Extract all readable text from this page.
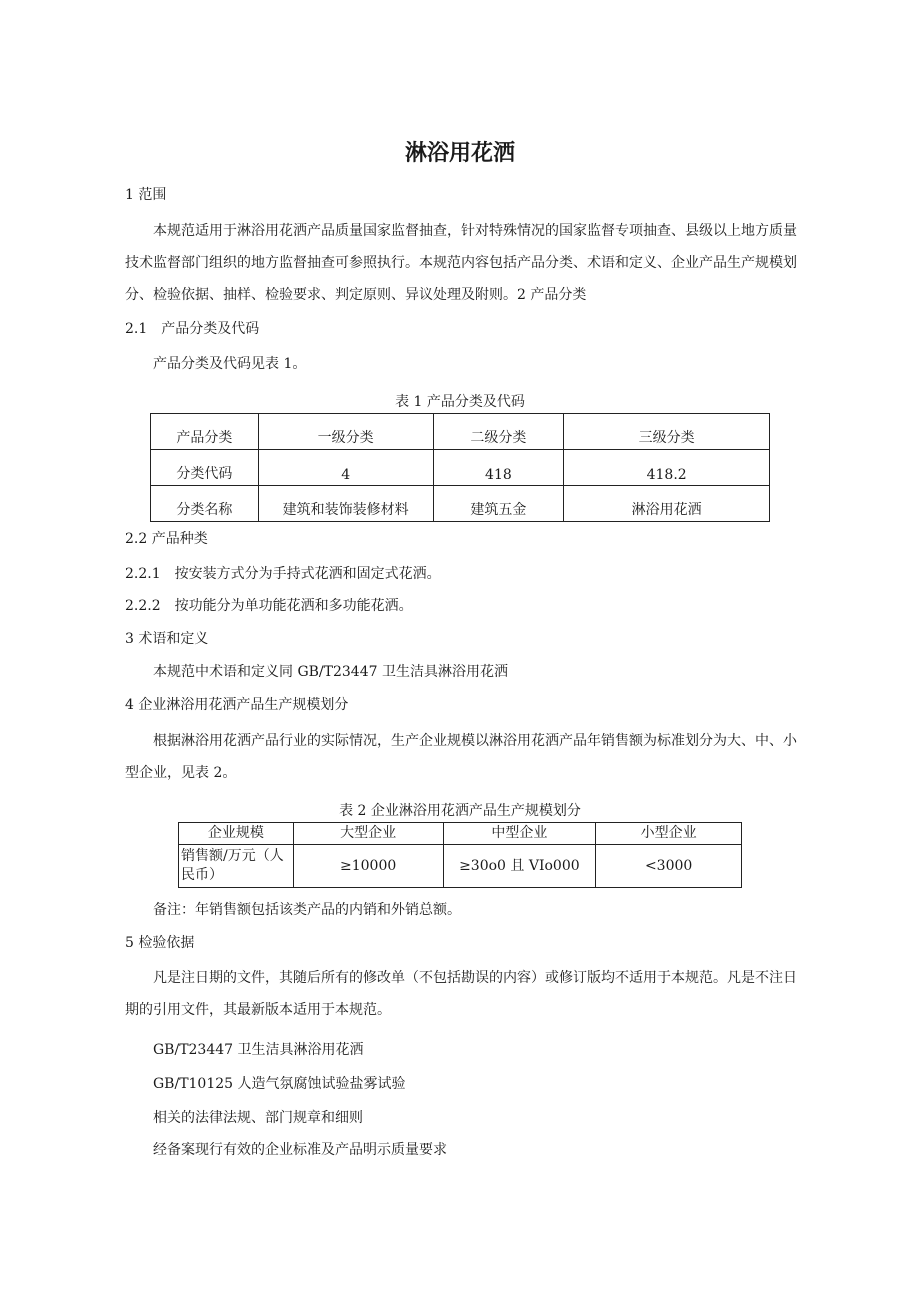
淋浴用花洒
1 范围
本规范适用于淋浴用花洒产品质量国家监督抽查，针对特殊情况的国家监督专项抽查、县级以上地方质量技术监督部门组织的地方监督抽查可参照执行。本规范内容包括产品分类、术语和定义、企业产品生产规模划分、检验依据、抽样、检验要求、判定原则、异议处理及附则。2 产品分类
2.1　产品分类及代码
产品分类及代码见表 1。
表 1 产品分类及代码
产品分类	一级分类	二级分类	三级分类
分类代码	4	418	418.2
分类名称	建筑和装饰装修材料	建筑五金	淋浴用花洒
2.2 产品种类
2.2.1　按安装方式分为手持式花洒和固定式花洒。
2.2.2　按功能分为单功能花洒和多功能花洒。
3 术语和定义
本规范中术语和定义同 GB/T23447 卫生洁具淋浴用花洒
4 企业淋浴用花洒产品生产规模划分
根据淋浴用花洒产品行业的实际情况，生产企业规模以淋浴用花洒产品年销售额为标准划分为大、中、小型企业，见表 2。
表 2 企业淋浴用花洒产品生产规模划分
企业规模	大型企业	中型企业	小型企业
销售额/万元（人民币）	≥10000	≥30o0 且 VIo000	<3000
备注：年销售额包括该类产品的内销和外销总额。
5 检验依据
凡是注日期的文件，其随后所有的修改单（不包括勘误的内容）或修订版均不适用于本规范。凡是不注日期的引用文件，其最新版本适用于本规范。
GB/T23447 卫生洁具淋浴用花洒
GB/T10125 人造气氛腐蚀试验盐雾试验
相关的法律法规、部门规章和细则
经备案现行有效的企业标准及产品明示质量要求
